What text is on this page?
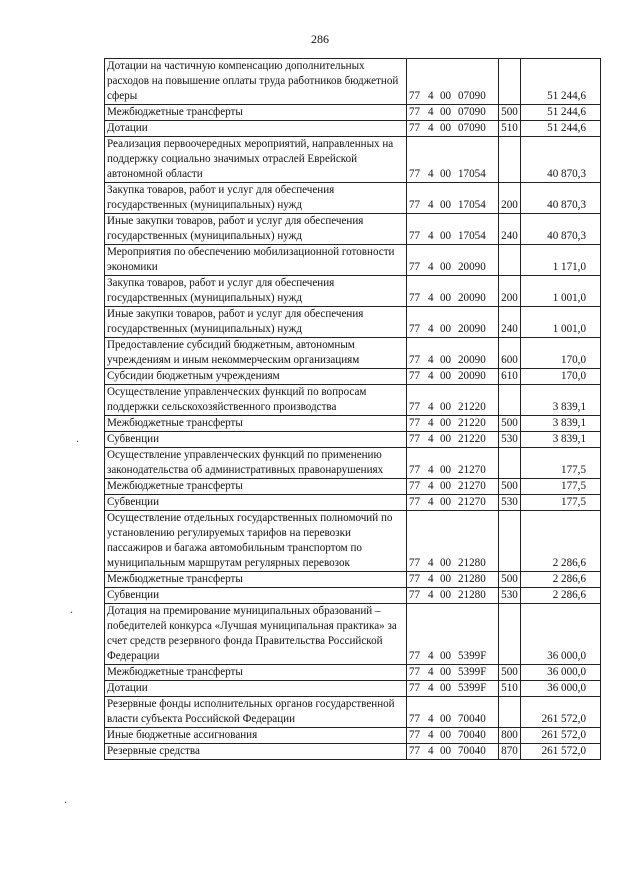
286
.
.
.
Дотации на частичную компенсацию дополнительных расходов на повышение оплаты труда работников бюджетной сферы	77 4 00 07090		51 244,6
Межбюджетные трансферты	77 4 00 07090	500	51 244,6
Дотации	77 4 00 07090	510	51 244,6
Реализация первоочередных мероприятий, направленных на поддержку социально значимых отраслей Еврейской автономной области	77 4 00 17054		40 870,3
Закупка товаров, работ и услуг для обеспечения государственных (муниципальных) нужд	77 4 00 17054	200	40 870,3
Иные закупки товаров, работ и услуг для обеспечения государственных (муниципальных) нужд	77 4 00 17054	240	40 870,3
Мероприятия по обеспечению мобилизационной готовности экономики	77 4 00 20090		1 171,0
Закупка товаров, работ и услуг для обеспечения государственных (муниципальных) нужд	77 4 00 20090	200	1 001,0
Иные закупки товаров, работ и услуг для обеспечения государственных (муниципальных) нужд	77 4 00 20090	240	1 001,0
Предоставление субсидий бюджетным, автономным учреждениям и иным некоммерческим организациям	77 4 00 20090	600	170,0
Субсидии бюджетным учреждениям	77 4 00 20090	610	170,0
Осуществление управленческих функций по вопросам поддержки сельскохозяйственного производства	77 4 00 21220		3 839,1
Межбюджетные трансферты	77 4 00 21220	500	3 839,1
Субвенции	77 4 00 21220	530	3 839,1
Осуществление управленческих функций по применению законодательства об административных правонарушениях	77 4 00 21270		177,5
Межбюджетные трансферты	77 4 00 21270	500	177,5
Субвенции	77 4 00 21270	530	177,5
Осуществление отдельных государственных полномочий по установлению регулируемых тарифов на перевозки пассажиров и багажа автомобильным транспортом по муниципальным маршрутам регулярных перевозок	77 4 00 21280		2 286,6
Межбюджетные трансферты	77 4 00 21280	500	2 286,6
Субвенции	77 4 00 21280	530	2 286,6
Дотация на премирование муниципальных образований – победителей конкурса «Лучшая муниципальная практика» за счет средств резервного фонда Правительства Российской Федерации	77 4 00 5399F		36 000,0
Межбюджетные трансферты	77 4 00 5399F	500	36 000,0
Дотации	77 4 00 5399F	510	36 000,0
Резервные фонды исполнительных органов государственной власти субъекта Российской Федерации	77 4 00 70040		261 572,0
Иные бюджетные ассигнования	77 4 00 70040	800	261 572,0
Резервные средства	77 4 00 70040	870	261 572,0
